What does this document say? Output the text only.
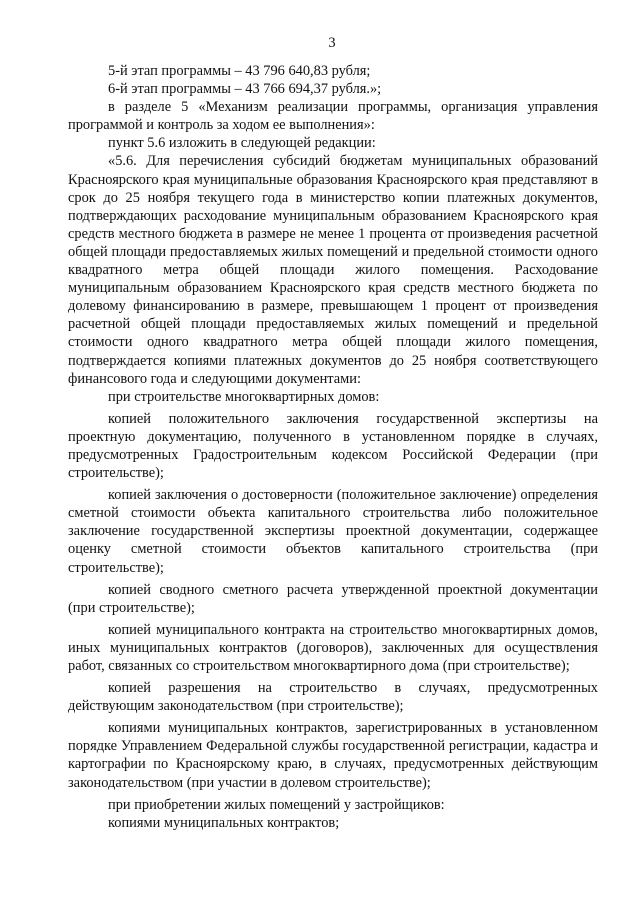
3

5-й этап программы – 43 796 640,83 рубля;

6-й этап программы – 43 766 694,37 рубля.»;

в разделе 5 «Механизм реализации программы, организация управления программой и контроль за ходом ее выполнения»:

пункт 5.6 изложить в следующей редакции:

«5.6. Для перечисления субсидий бюджетам муниципальных образований Красноярского края муниципальные образования Красноярского края представляют в срок до 25 ноября текущего года в министерство копии платежных документов, подтверждающих расходование муниципальным образованием Красноярского края средств местного бюджета в размере не менее 1 процента от произведения расчетной общей площади предоставляемых жилых помещений и предельной стоимости одного квадратного метра общей площади жилого помещения. Расходование муниципальным образованием Красноярского края средств местного бюджета по долевому финансированию в размере, превышающем 1 процент от произведения расчетной общей площади предоставляемых жилых помещений и предельной стоимости одного квадратного метра общей площади жилого помещения, подтверждается копиями платежных документов до 25 ноября соответствующего финансового года и следующими документами:

при строительстве многоквартирных домов:

копией положительного заключения государственной экспертизы на проектную документацию, полученного в установленном порядке в случаях, предусмотренных Градостроительным кодексом Российской Федерации (при строительстве);

копией заключения о достоверности (положительное заключение) определения сметной стоимости объекта капитального строительства либо положительное заключение государственной экспертизы проектной документации, содержащее оценку сметной стоимости объектов капитального строительства (при строительстве);

копией сводного сметного расчета утвержденной проектной документации (при строительстве);

копией муниципального контракта на строительство многоквартирных домов, иных муниципальных контрактов (договоров), заключенных для осуществления работ, связанных со строительством многоквартирного дома (при строительстве);

копией разрешения на строительство в случаях, предусмотренных действующим законодательством (при строительстве);

копиями муниципальных контрактов, зарегистрированных в установленном порядке Управлением Федеральной службы государственной регистрации, кадастра и картографии по Красноярскому краю, в случаях, предусмотренных действующим законодательством (при участии в долевом строительстве);

при приобретении жилых помещений у застройщиков:

копиями муниципальных контрактов;
